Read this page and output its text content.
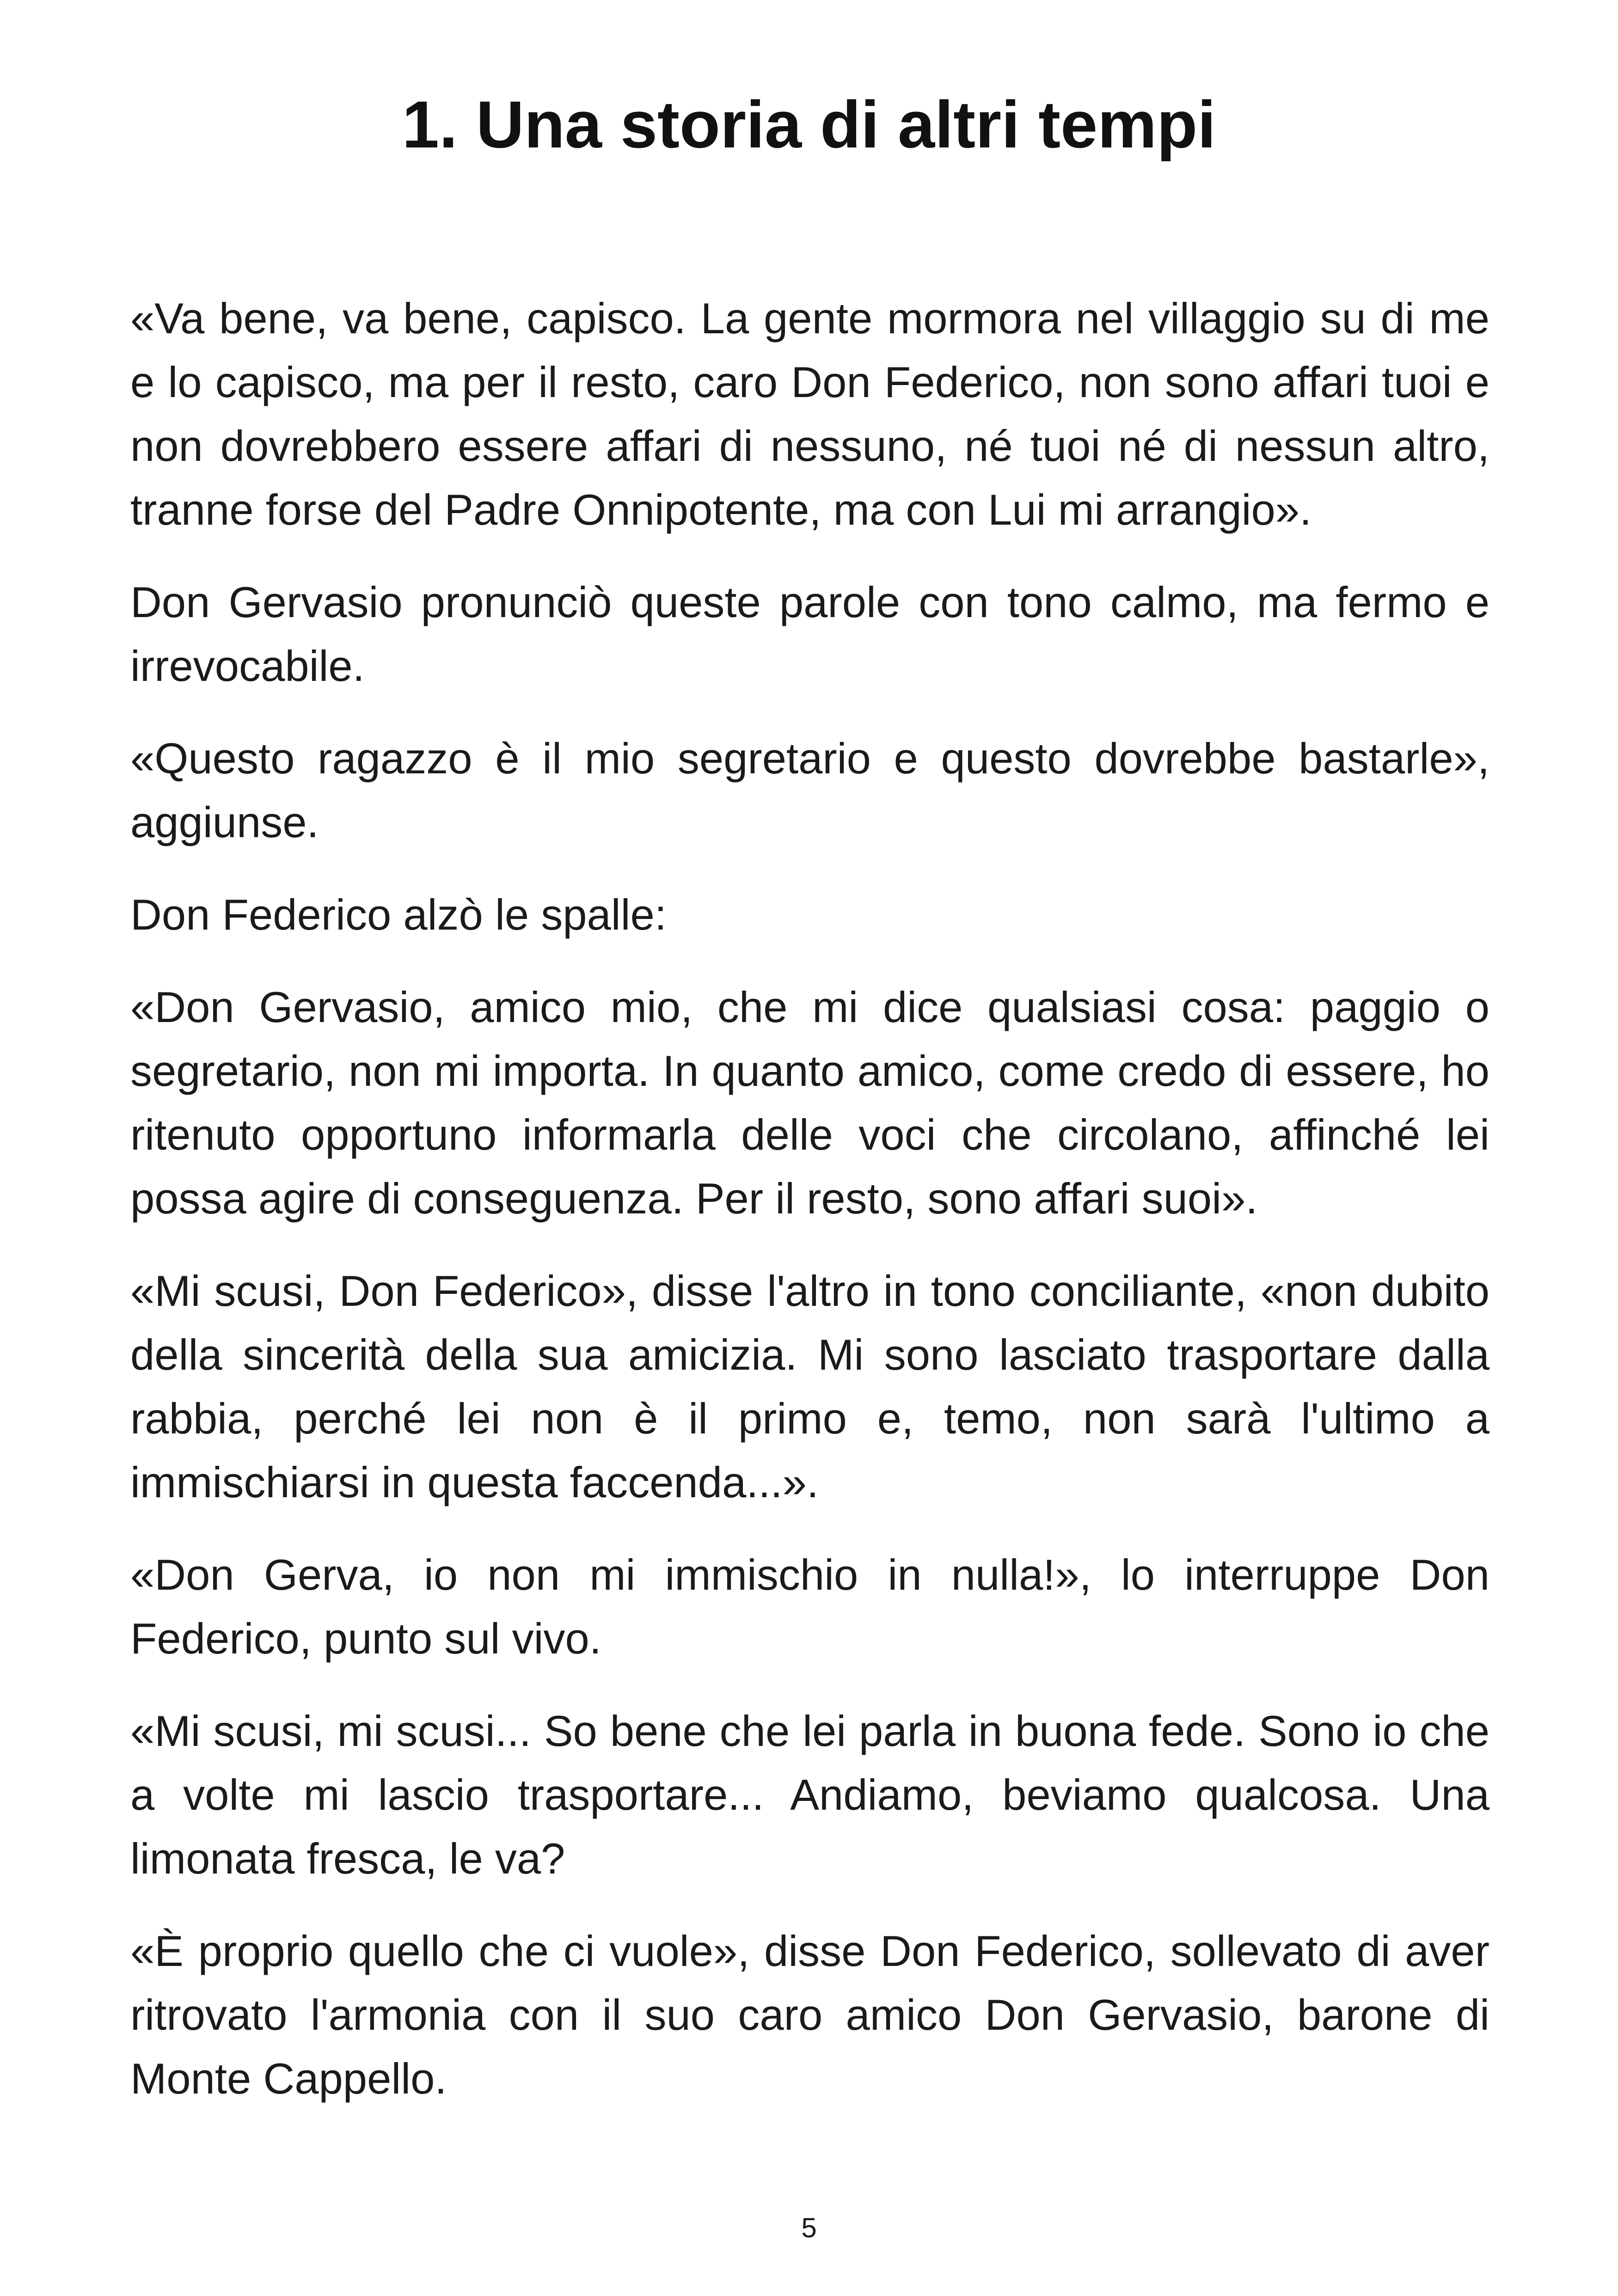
1. Una storia di altri tempi

«Va bene, va bene, capisco. La gente mormora nel villaggio su di me e lo capisco, ma per il resto, caro Don Federico, non sono affari tuoi e non dovrebbero essere affari di nessuno, né tuoi né di nessun altro, tranne forse del Padre Onnipotente, ma con Lui mi arrangio».

Don Gervasio pronunciò queste parole con tono calmo, ma fermo e irrevocabile.

«Questo ragazzo è il mio segretario e questo dovrebbe bastarle», aggiunse.

Don Federico alzò le spalle:

«Don Gervasio, amico mio, che mi dice qualsiasi cosa: paggio o segretario, non mi importa. In quanto amico, come credo di essere, ho ritenuto opportuno informarla delle voci che circolano, affinché lei possa agire di conseguenza. Per il resto, sono affari suoi».

«Mi scusi, Don Federico», disse l'altro in tono conciliante, «non dubito della sincerità della sua amicizia. Mi sono lasciato trasportare dalla rabbia, perché lei non è il primo e, temo, non sarà l'ultimo a immischiarsi in questa faccenda...».

«Don Gerva, io non mi immischio in nulla!», lo interruppe Don Federico, punto sul vivo.

«Mi scusi, mi scusi... So bene che lei parla in buona fede. Sono io che a volte mi lascio trasportare... Andiamo, beviamo qualcosa. Una limonata fresca, le va?

«È proprio quello che ci vuole», disse Don Federico, sollevato di aver ritrovato l'armonia con il suo caro amico Don Gervasio, barone di Monte Cappello.

5
